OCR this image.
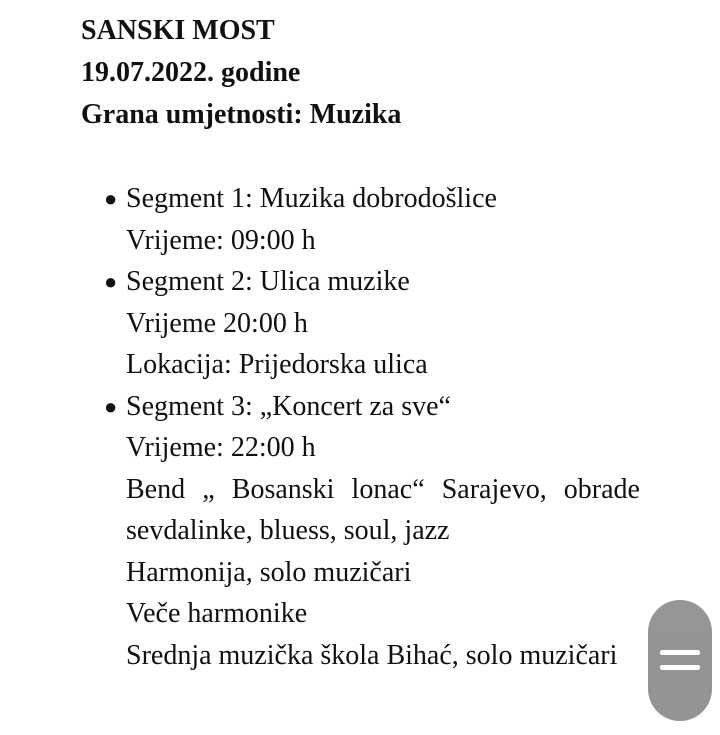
SANSKI MOST
19.07.2022. godine
Grana umjetnosti: Muzika
● Segment 1: Muzika dobrodošlice
Vrijeme: 09:00 h
● Segment 2: Ulica muzike
Vrijeme 20:00 h
Lokacija: Prijedorska ulica
● Segment 3: „Koncert za sve“
Vrijeme: 22:00 h
Bend „ Bosanski lonac“ Sarajevo, obrade sevdalinke, bluess, soul, jazz
Harmonija, solo muzičari
Veče harmonike
Srednja muzička škola Bihać, solo muzičari
